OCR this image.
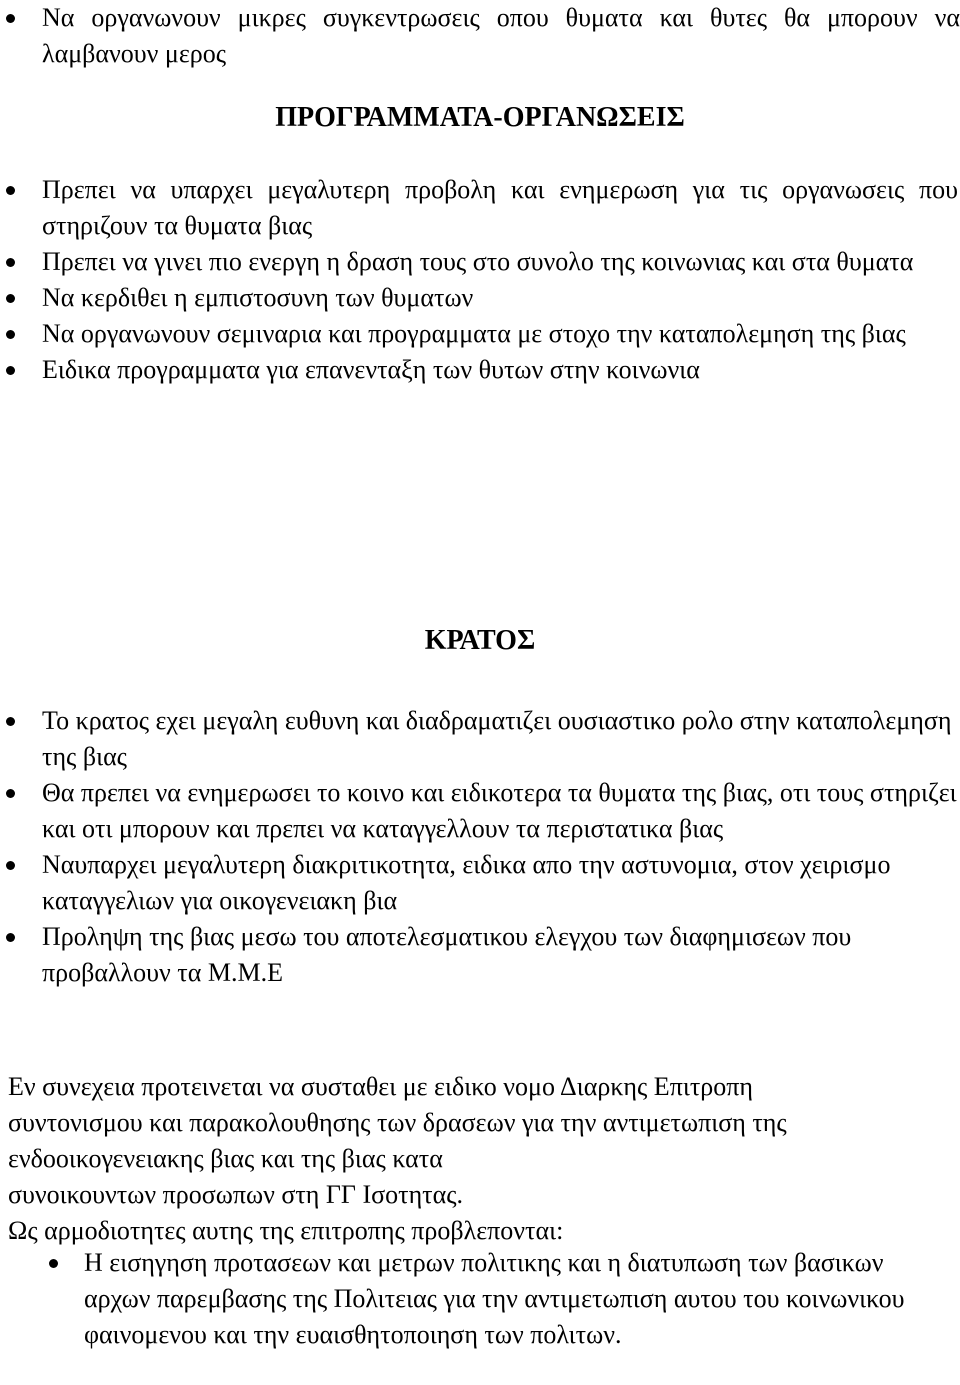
Να οργανωνουν μικρες συγκεντρωσεις οπου θυματα και θυτες θα μπορουν να λαμβανουν μερος
ΠΡΟΓΡΑΜΜΑΤΑ-ΟΡΓΑΝΩΣΕΙΣ
Πρεπει να υπαρχει μεγαλυτερη προβολη και ενημερωση για τις οργανωσεις που στηριζουν τα θυματα βιας
Πρεπει να γινει πιο ενεργη η δραση τους στο συνολο της κοινωνιας και στα θυματα
Να κερδιθει η εμπιστοσυνη των θυματων
Να οργανωνουν σεμιναρια και προγραμματα με στοχο την καταπολεμηση της βιας
Ειδικα προγραμματα για επανενταξη των θυτων στην κοινωνια
ΚΡΑΤΟΣ
Το κρατος εχει μεγαλη ευθυνη και διαδραματιζει ουσιαστικο ρολο στην καταπολεμηση της βιας
Θα πρεπει να ενημερωσει το κοινο και ειδικοτερα τα θυματα της βιας, οτι τους στηριζει και οτι μπορουν και πρεπει να καταγγελλουν τα περιστατικα βιας
Ναυπαρχει μεγαλυτερη διακριτικοτητα, ειδικα απο την αστυνομια, στον χειρισμο καταγγελιων για οικογενειακη βια
Προληψη της βιας μεσω του αποτελεσματικου ελεγχου των διαφημισεων που προβαλλουν τα Μ.Μ.Ε
Εν συνεχεια προτεινεται να συσταθει με ειδικο νομο Διαρκης Επιτροπη
συντονισμου και παρακολουθησης των δρασεων για την αντιμετωπιση της
ενδοοικογενειακης βιας και της βιας κατα
συνοικουντων προσωπων στη ΓΓ Ισοτητας.
Ως αρμοδιοτητες αυτης της επιτροπης προβλεπονται:
Η εισηγηση προτασεων και μετρων πολιτικης και η διατυπωση των βασικων αρχων παρεμβασης της Πολιτειας για την αντιμετωπιση αυτου του κοινωνικου φαινομενου και την ευαισθητοποιηση των πολιτων.
